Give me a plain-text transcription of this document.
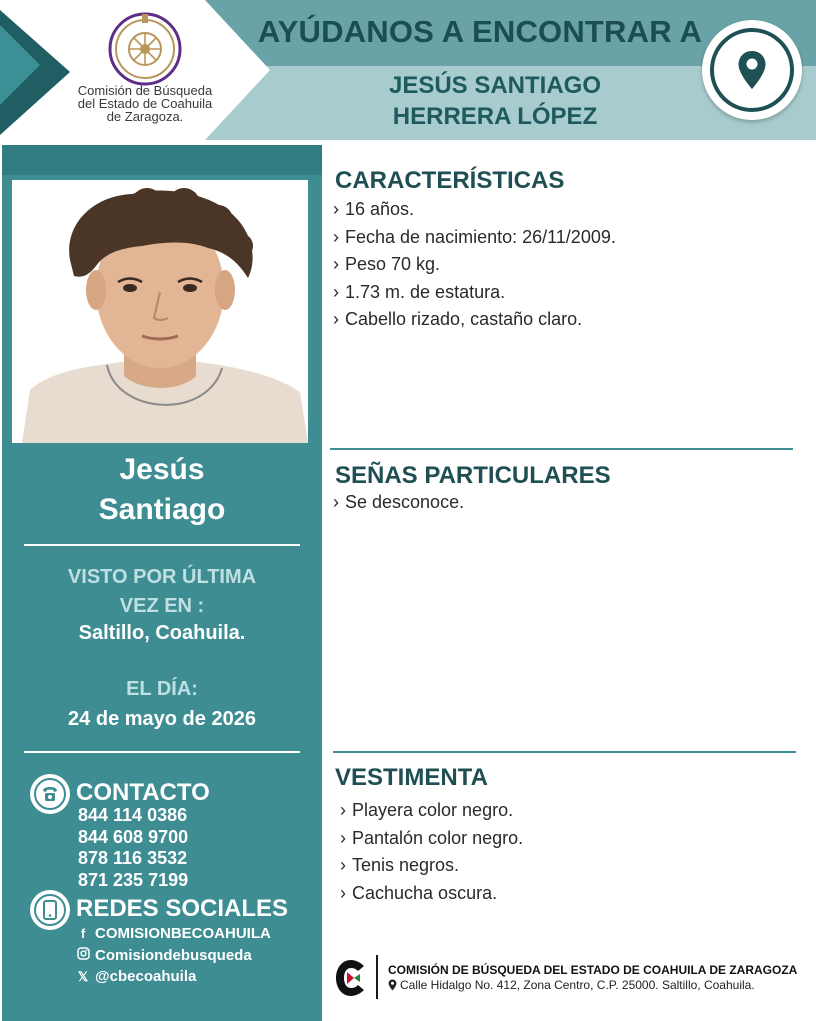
Comisión de Búsqueda
del Estado de Coahuila
de Zaragoza.
AYÚDANOS A ENCONTRAR A
JESÚS SANTIAGO
HERRERA LÓPEZ
Jesús
Santiago
VISTO POR ÚLTIMA
VEZ EN :
Saltillo, Coahuila.
EL DÍA:
24 de mayo de 2026
CONTACTO
844 114 0386
844 608 9700
878 116 3532
871 235 7199
REDES SOCIALES
f COMISIONBECOAHUILA
Comisiondebusqueda
𝕏 @cbecoahuila
CARACTERÍSTICAS
› 16 años.
› Fecha de nacimiento: 26/11/2009.
› Peso 70 kg.
› 1.73 m. de estatura.
› Cabello rizado, castaño claro.
SEÑAS PARTICULARES
› Se desconoce.
VESTIMENTA
› Playera color negro.
› Pantalón color negro.
› Tenis negros.
› Cachucha oscura.
COMISIÓN DE BÚSQUEDA DEL ESTADO DE COAHUILA DE ZARAGOZA
Calle Hidalgo No. 412, Zona Centro, C.P. 25000. Saltillo, Coahuila.
